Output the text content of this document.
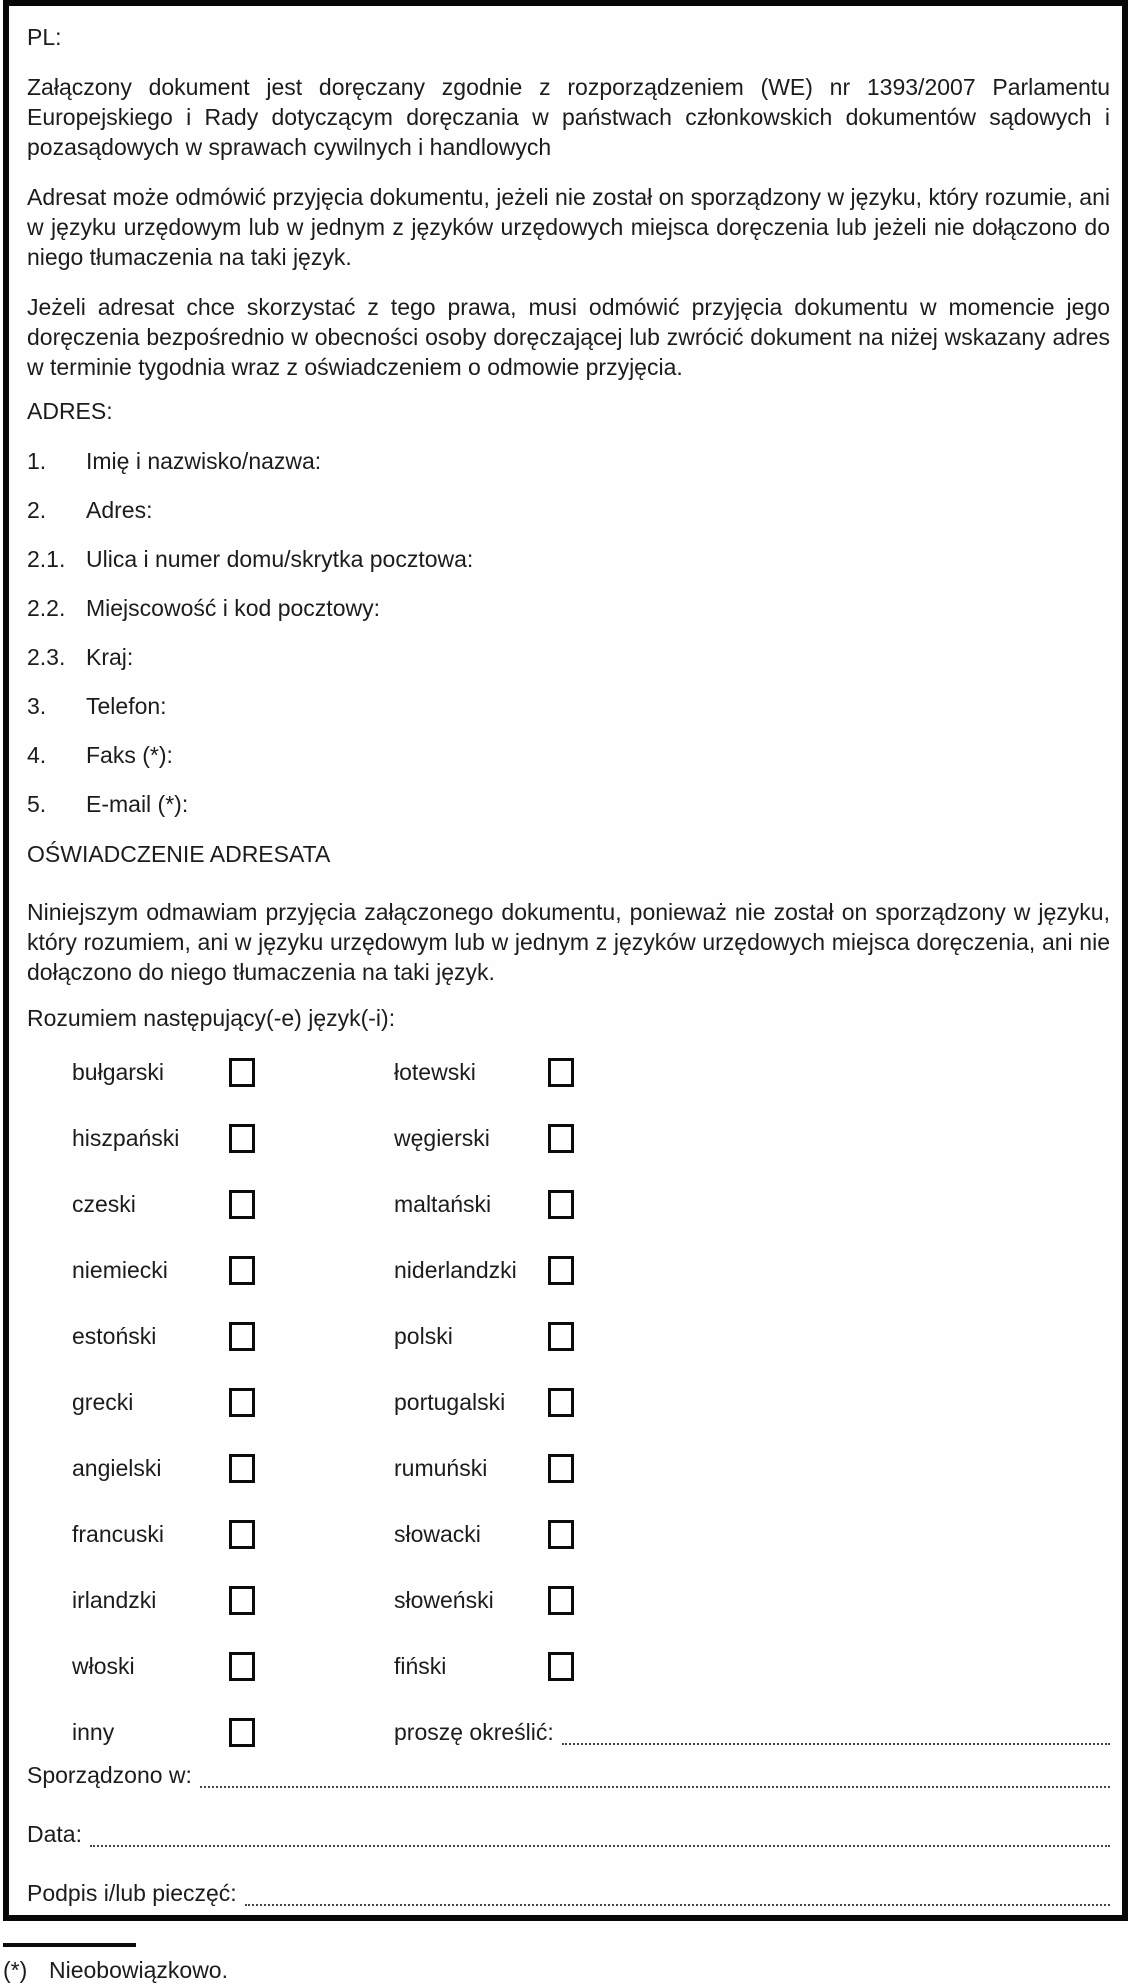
PL:

Załączony dokument jest doręczany zgodnie z rozporządzeniem (WE) nr 1393/2007 Parlamentu Europejskiego i Rady dotyczącym doręczania w państwach członkowskich dokumentów sądowych i pozasądowych w sprawach cywilnych i handlowych

Adresat może odmówić przyjęcia dokumentu, jeżeli nie został on sporządzony w języku, który rozumie, ani w języku urzędowym lub w jednym z języków urzędowych miejsca doręczenia lub jeżeli nie dołączono do niego tłumaczenia na taki język.

Jeżeli adresat chce skorzystać z tego prawa, musi odmówić przyjęcia dokumentu w momencie jego doręczenia bezpośrednio w obecności osoby doręczającej lub zwrócić dokument na niżej wskazany adres w terminie tygodnia wraz z oświadczeniem o odmowie przyjęcia.

ADRES:

1.	Imię i nazwisko/nazwa:
2.	Adres:
2.1. Ulica i numer domu/skrytka pocztowa:
2.2. Miejscowość i kod pocztowy:
2.3. Kraj:
3.	Telefon:
4.	Faks (*):
5.	E-mail (*):

OŚWIADCZENIE ADRESATA

Niniejszym odmawiam przyjęcia załączonego dokumentu, ponieważ nie został on sporządzony w języku, który rozumiem, ani w języku urzędowym lub w jednym z języków urzędowych miejsca doręczenia, ani nie dołączono do niego tłumaczenia na taki język.

Rozumiem następujący(-e) język(-i):

bułgarski	łotewski
hiszpański	węgierski
czeski	maltański
niemiecki	niderlandzki
estoński	polski
grecki	portugalski
angielski	rumuński
francuski	słowacki
irlandzki	słoweński
włoski	fiński
inny	proszę określić:
Sporządzono w:
Data:
Podpis i/lub pieczęć:
(*) Nieobowiązkowo.
